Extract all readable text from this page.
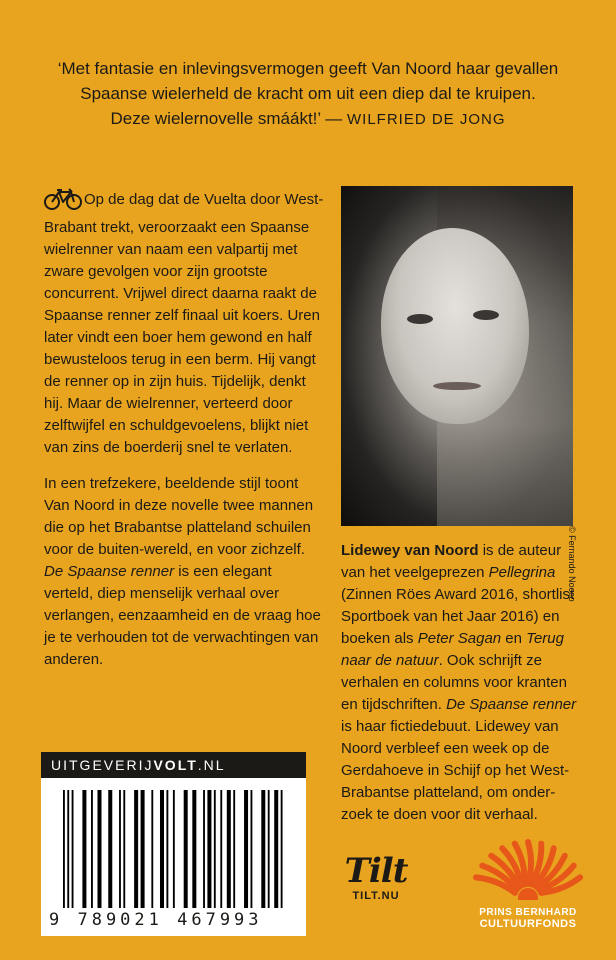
‘Met fantasie en inlevingsvermogen geeft Van Noord haar gevallen
Spaanse wielerheld de kracht om uit een diep dal te kruipen.
Deze wielernovelle smáákt!’ — WILFRIED DE JONG

Op de dag dat de Vuelta door West-Brabant trekt, veroorzaakt een Spaanse wielrenner van naam een valpartij met zware gevolgen voor zijn grootste concurrent. Vrijwel direct daarna raakt de Spaanse renner zelf finaal uit koers. Uren later vindt een boer hem gewond en half bewusteloos terug in een berm. Hij vangt de renner op in zijn huis. Tijdelijk, denkt hij. Maar de wielrenner, verteerd door zelftwijfel en schuldgevoelens, blijkt niet van zins de boerderij snel te verlaten.

In een trefzekere, beeldende stijl toont Van Noord in deze novelle twee mannen die op het Brabantse platteland schuilen voor de buiten-wereld, en voor zichzelf. De Spaanse renner is een elegant verteld, diep menselijk verhaal over verlangen, eenzaamheid en de vraag hoe je te verhouden tot de verwachtingen van anderen.

© Fernando Nocco
Lidewey van Noord is de auteur van het veelgeprezen Pellegrina (Zinnen Röes Award 2016, shortlist Sportboek van het Jaar 2016) en boeken als Peter Sagan en Terug naar de natuur. Ook schrijft ze verhalen en columns voor kranten en tijdschriften. De Spaanse renner is haar fictiedebuut. Lidewey van Noord verbleef een week op de Gerdahoeve in Schijf op het West-Brabantse platteland, om onder-zoek te doen voor dit verhaal.
UITGEVERIJVOLT.NL
9 789021 467993
Tilt
TILT.NU
PRINS BERNHARD
CULTUURFONDS
